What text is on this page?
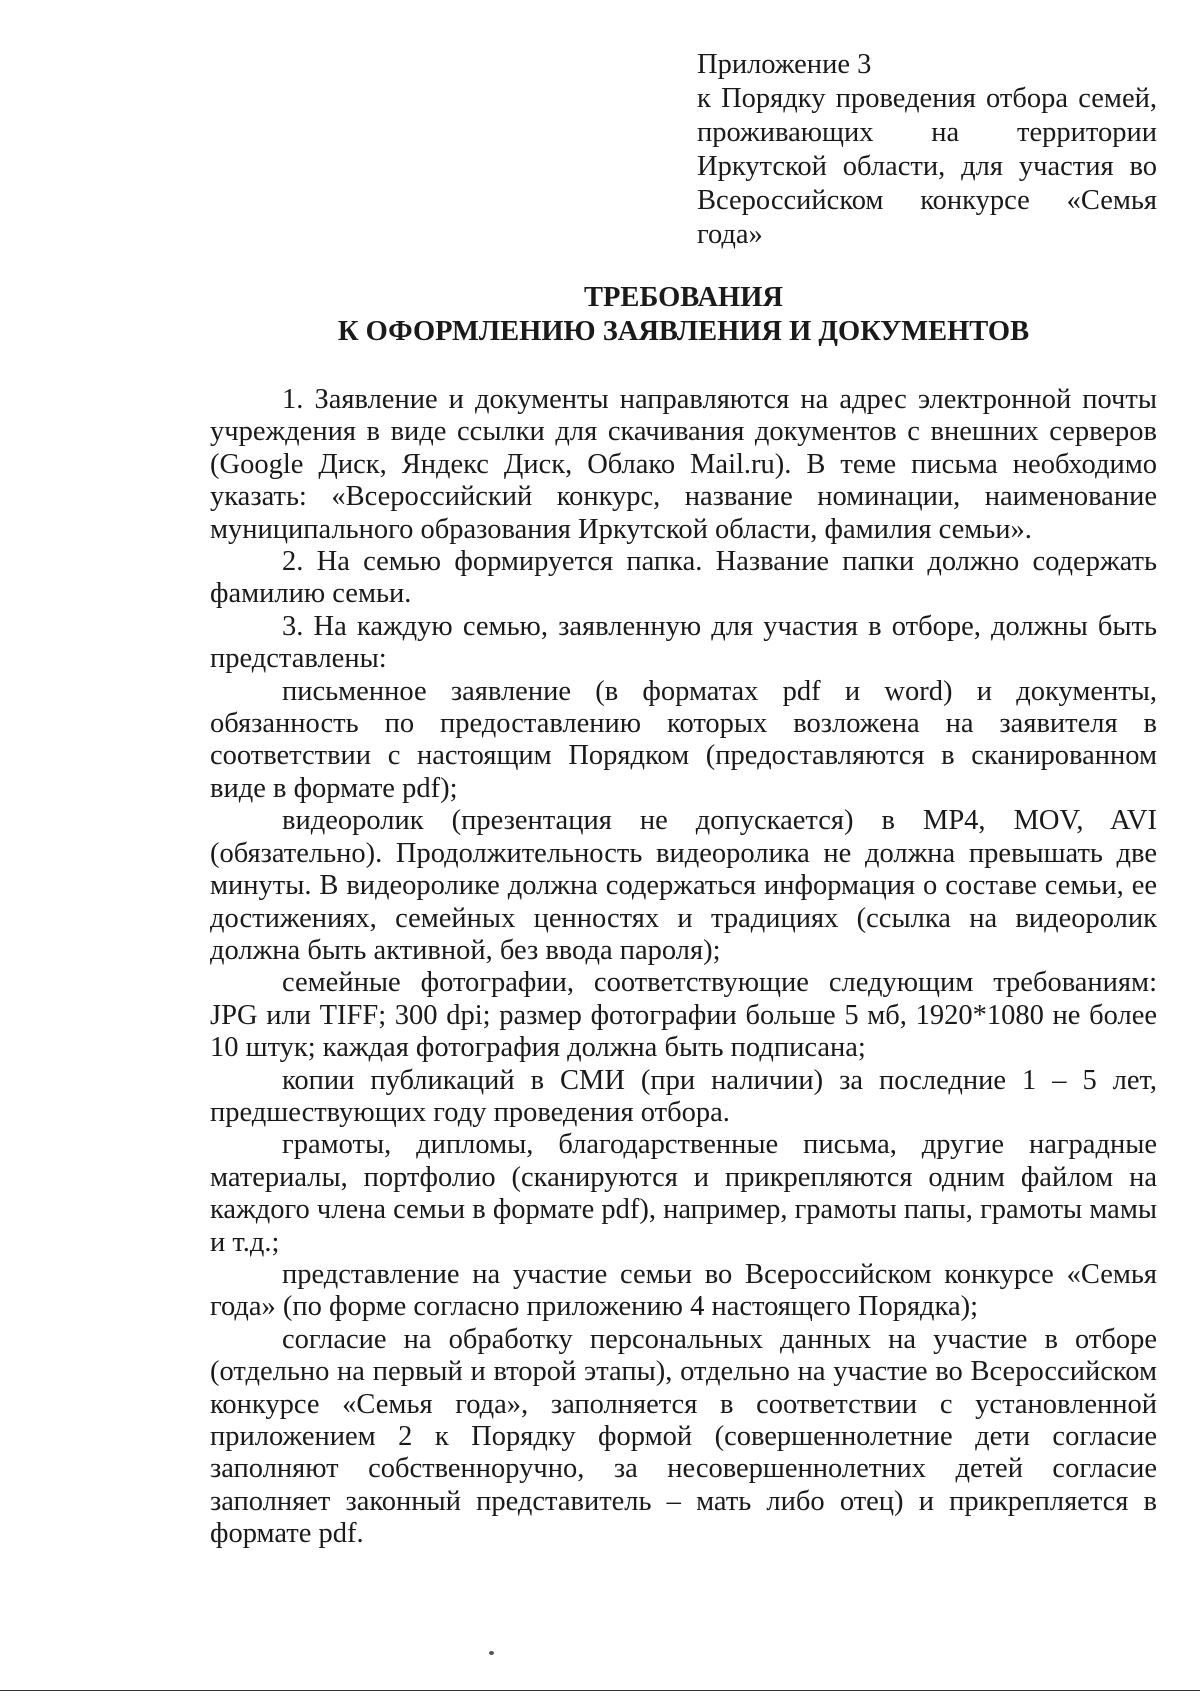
Приложение 3
к Порядку проведения отбора семей, проживающих на территории Иркутской области, для участия во Всероссийском конкурсе «Семья года»
ТРЕБОВАНИЯ
К ОФОРМЛЕНИЮ ЗАЯВЛЕНИЯ И ДОКУМЕНТОВ

1. Заявление и документы направляются на адрес электронной почты учреждения в виде ссылки для скачивания документов с внешних серверов (Google Диск, Яндекс Диск, Облако Mail.ru). В теме письма необходимо указать: «Всероссийский конкурс, название номинации, наименование муниципального образования Иркутской области, фамилия семьи».

2. На семью формируется папка. Название папки должно содержать фамилию семьи.

3. На каждую семью, заявленную для участия в отборе, должны быть представлены:

письменное заявление (в форматах pdf и word) и документы, обязанность по предоставлению которых возложена на заявителя в соответствии с настоящим Порядком (предоставляются в сканированном виде в формате pdf);

видеоролик (презентация не допускается) в MP4, MOV, AVI (обязательно). Продолжительность видеоролика не должна превышать две минуты. В видеоролике должна содержаться информация о составе семьи, ее достижениях, семейных ценностях и традициях (ссылка на видеоролик должна быть активной, без ввода пароля);

семейные фотографии, соответствующие следующим требованиям: JPG или TIFF; 300 dpi; размер фотографии больше 5 мб, 1920*1080 не более 10 штук; каждая фотография должна быть подписана;

копии публикаций в СМИ (при наличии) за последние 1 – 5 лет, предшествующих году проведения отбора.

грамоты, дипломы, благодарственные письма, другие наградные материалы, портфолио (сканируются и прикрепляются одним файлом на каждого члена семьи в формате pdf), например, грамоты папы, грамоты мамы и т.д.;

представление на участие семьи во Всероссийском конкурсе «Семья года» (по форме согласно приложению 4 настоящего Порядка);

согласие на обработку персональных данных на участие в отборе (отдельно на первый и второй этапы), отдельно на участие во Всероссийском конкурсе «Семья года», заполняется в соответствии с установленной приложением 2 к Порядку формой (совершеннолетние дети согласие заполняют собственноручно, за несовершеннолетних детей согласие заполняет законный представитель – мать либо отец) и прикрепляется в формате pdf.
